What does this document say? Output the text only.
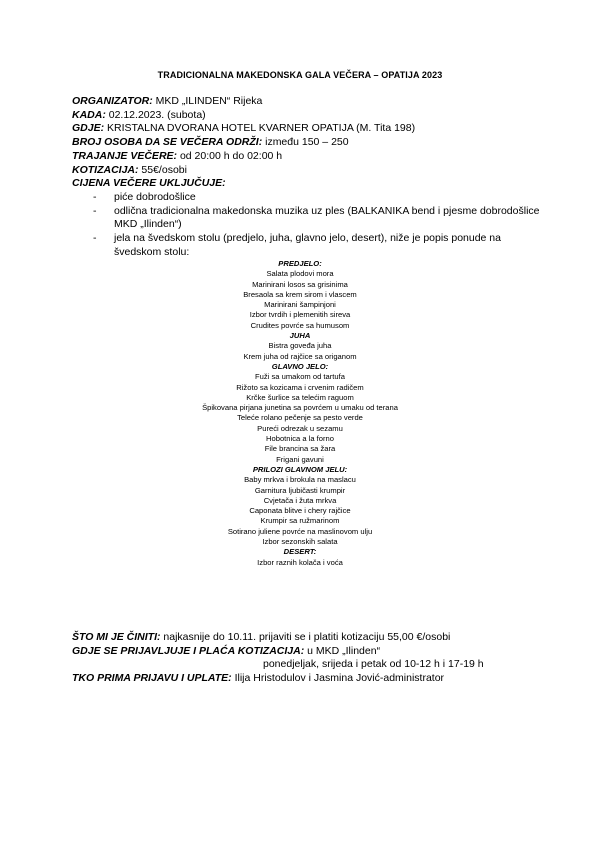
TRADICIONALNA MAKEDONSKA GALA VEČERA – OPATIJA 2023
ORGANIZATOR: MKD „ILINDEN“ Rijeka
KADA: 02.12.2023. (subota)
GDJE: KRISTALNA DVORANA HOTEL KVARNER OPATIJA (M. Tita 198)
BROJ OSOBA DA SE VEČERA ODRŽI: između 150 – 250
TRAJANJE VEČERE: od 20:00 h do 02:00 h
KOTIZACIJA: 55€/osobi
CIJENA VEČERE UKLJUČUJE:
- piće dobrodošlice
- odlična tradicionalna makedonska muzika uz ples (BALKANIKA bend i pjesme dobrodošlice MKD „Ilinden“)
- jela na švedskom stolu (predjelo, juha, glavno jelo, desert), niže je popis ponude na švedskom stolu:
PREDJELO:
Salata plodovi mora
Marinirani losos sa grisinima
Bresaola sa krem sirom i vlascem
Marinirani šampinjoni
Izbor tvrdih i plemenitih sireva
Crudites povrće sa humusom
JUHA
Bistra goveđa juha
Krem juha od rajčice sa origanom
GLAVNO JELO:
Fuži sa umakom od tartufa
Rižoto sa kozicama i crvenim radičem
Krčke šurlice sa telećim raguom
Špikovana pirjana junetina sa povrćem u umaku od terana
Teleće rolano pečenje sa pesto verde
Pureći odrezak u sezamu
Hobotnica a la forno
File brancina sa žara
Frigani gavuni
PRILOZI GLAVNOM JELU:
Baby mrkva i brokula na maslacu
Garnitura ljubičasti krumpir
Cvjetača i žuta mrkva
Caponata blitve i chery rajčice
Krumpir sa ružmarinom
Sotirano juliene povrće na maslinovom ulju
Izbor sezonskih salata
DESERT:
Izbor raznih kolača i voća
ŠTO MI JE ČINITI: najkasnije do 10.11. prijaviti se i platiti kotizaciju 55,00 €/osobi
GDJE SE PRIJAVLJUJE I PLAĆA KOTIZACIJA: u MKD „Ilinden“
ponedjeljak, srijeda i petak od 10-12 h i 17-19 h
TKO PRIMA PRIJAVU I UPLATE: Ilija Hristodulov i Jasmina Jović-administrator
